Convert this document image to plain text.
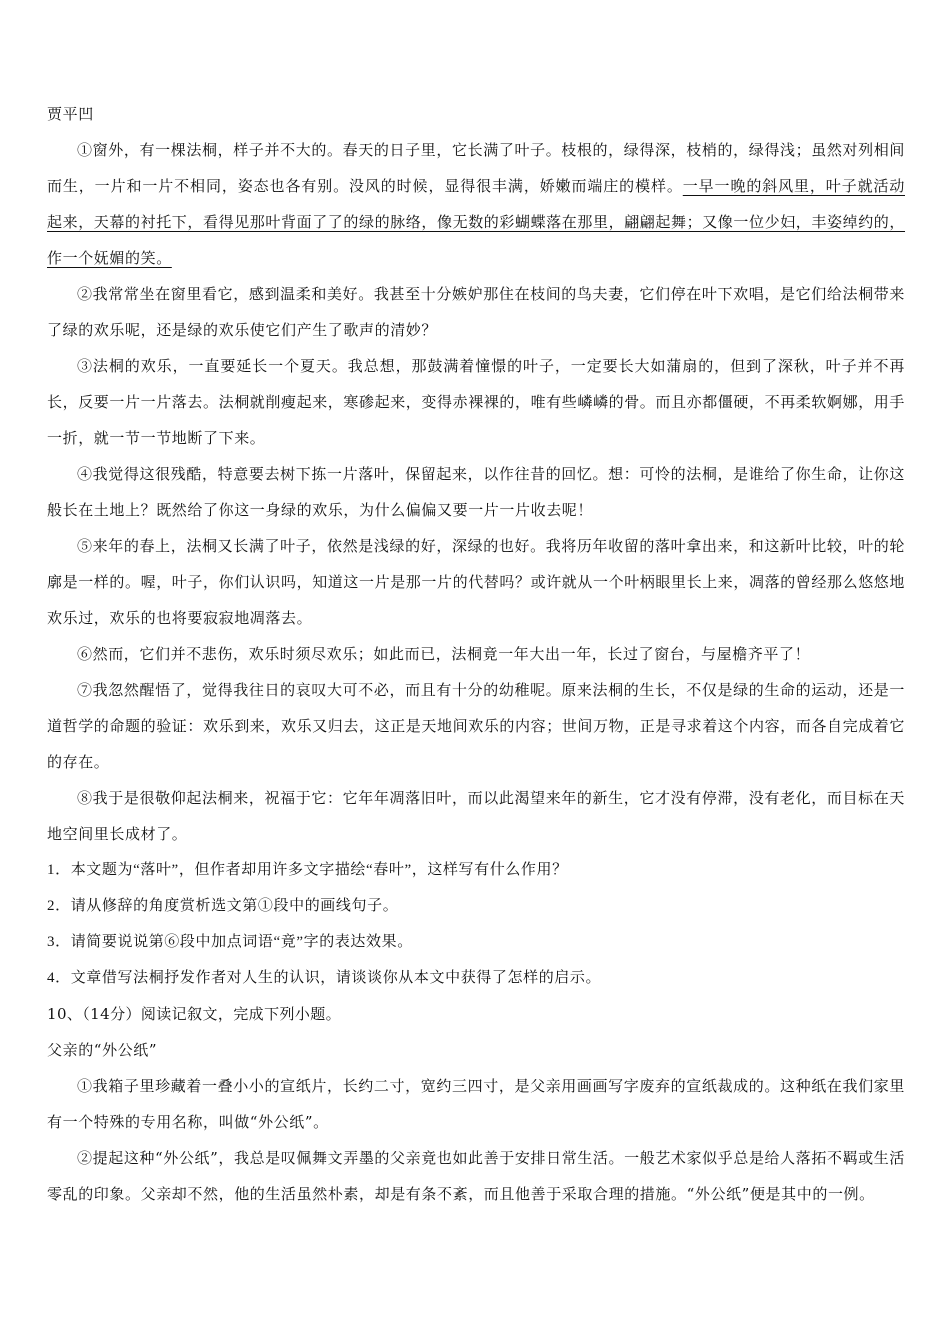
贾平凹
①窗外，有一棵法桐，样子并不大的。春天的日子里，它长满了叶子。枝根的，绿得深，枝梢的，绿得浅；虽然对列相间而生，一片和一片不相同，姿态也各有别。没风的时候，显得很丰满，娇嫩而端庄的模样。一早一晚的斜风里，叶子就活动起来，天幕的衬托下，看得见那叶背面了了的绿的脉络，像无数的彩蝴蝶落在那里，翩翩起舞；又像一位少妇，丰姿绰约的，作一个妩媚的笑。
②我常常坐在窗里看它，感到温柔和美好。我甚至十分嫉妒那住在枝间的鸟夫妻，它们停在叶下欢唱，是它们给法桐带来了绿的欢乐呢，还是绿的欢乐使它们产生了歌声的清妙？
③法桐的欢乐，一直要延长一个夏天。我总想，那鼓满着憧憬的叶子，一定要长大如蒲扇的，但到了深秋，叶子并不再长，反要一片一片落去。法桐就削瘦起来，寒碜起来，变得赤裸裸的，唯有些嶙嶙的骨。而且亦都僵硬，不再柔软婀娜，用手一折，就一节一节地断了下来。
④我觉得这很残酷，特意要去树下拣一片落叶，保留起来，以作往昔的回忆。想：可怜的法桐，是谁给了你生命，让你这般长在土地上？既然给了你这一身绿的欢乐，为什么偏偏又要一片一片收去呢！
⑤来年的春上，法桐又长满了叶子，依然是浅绿的好，深绿的也好。我将历年收留的落叶拿出来，和这新叶比较，叶的轮廓是一样的。喔，叶子，你们认识吗，知道这一片是那一片的代替吗？或许就从一个叶柄眼里长上来，凋落的曾经那么悠悠地欢乐过，欢乐的也将要寂寂地凋落去。
⑥然而，它们并不悲伤，欢乐时须尽欢乐；如此而已，法桐竟一年大出一年，长过了窗台，与屋檐齐平了！
⑦我忽然醒悟了，觉得我往日的哀叹大可不必，而且有十分的幼稚呢。原来法桐的生长，不仅是绿的生命的运动，还是一道哲学的命题的验证：欢乐到来，欢乐又归去，这正是天地间欢乐的内容；世间万物，正是寻求着这个内容，而各自完成着它的存在。
⑧我于是很敬仰起法桐来，祝福于它：它年年凋落旧叶，而以此渴望来年的新生，它才没有停滞，没有老化，而目标在天地空间里长成材了。
1．本文题为“落叶”，但作者却用许多文字描绘“春叶”，这样写有什么作用？
2．请从修辞的角度赏析选文第①段中的画线句子。
3．请简要说说第⑥段中加点词语“竟”字的表达效果。
4．文章借写法桐抒发作者对人生的认识，请谈谈你从本文中获得了怎样的启示。
10、（14分）阅读记叙文，完成下列小题。
父亲的“外公纸”
①我箱子里珍藏着一叠小小的宣纸片，长约二寸，宽约三四寸，是父亲用画画写字废弃的宣纸裁成的。这种纸在我们家里有一个特殊的专用名称，叫做“外公纸”。
②提起这种“外公纸”，我总是叹佩舞文弄墨的父亲竟也如此善于安排日常生活。一般艺术家似乎总是给人落拓不羁或生活零乱的印象。父亲却不然，他的生活虽然朴素，却是有条不紊，而且他善于采取合理的措施。“外公纸”便是其中的一例。
